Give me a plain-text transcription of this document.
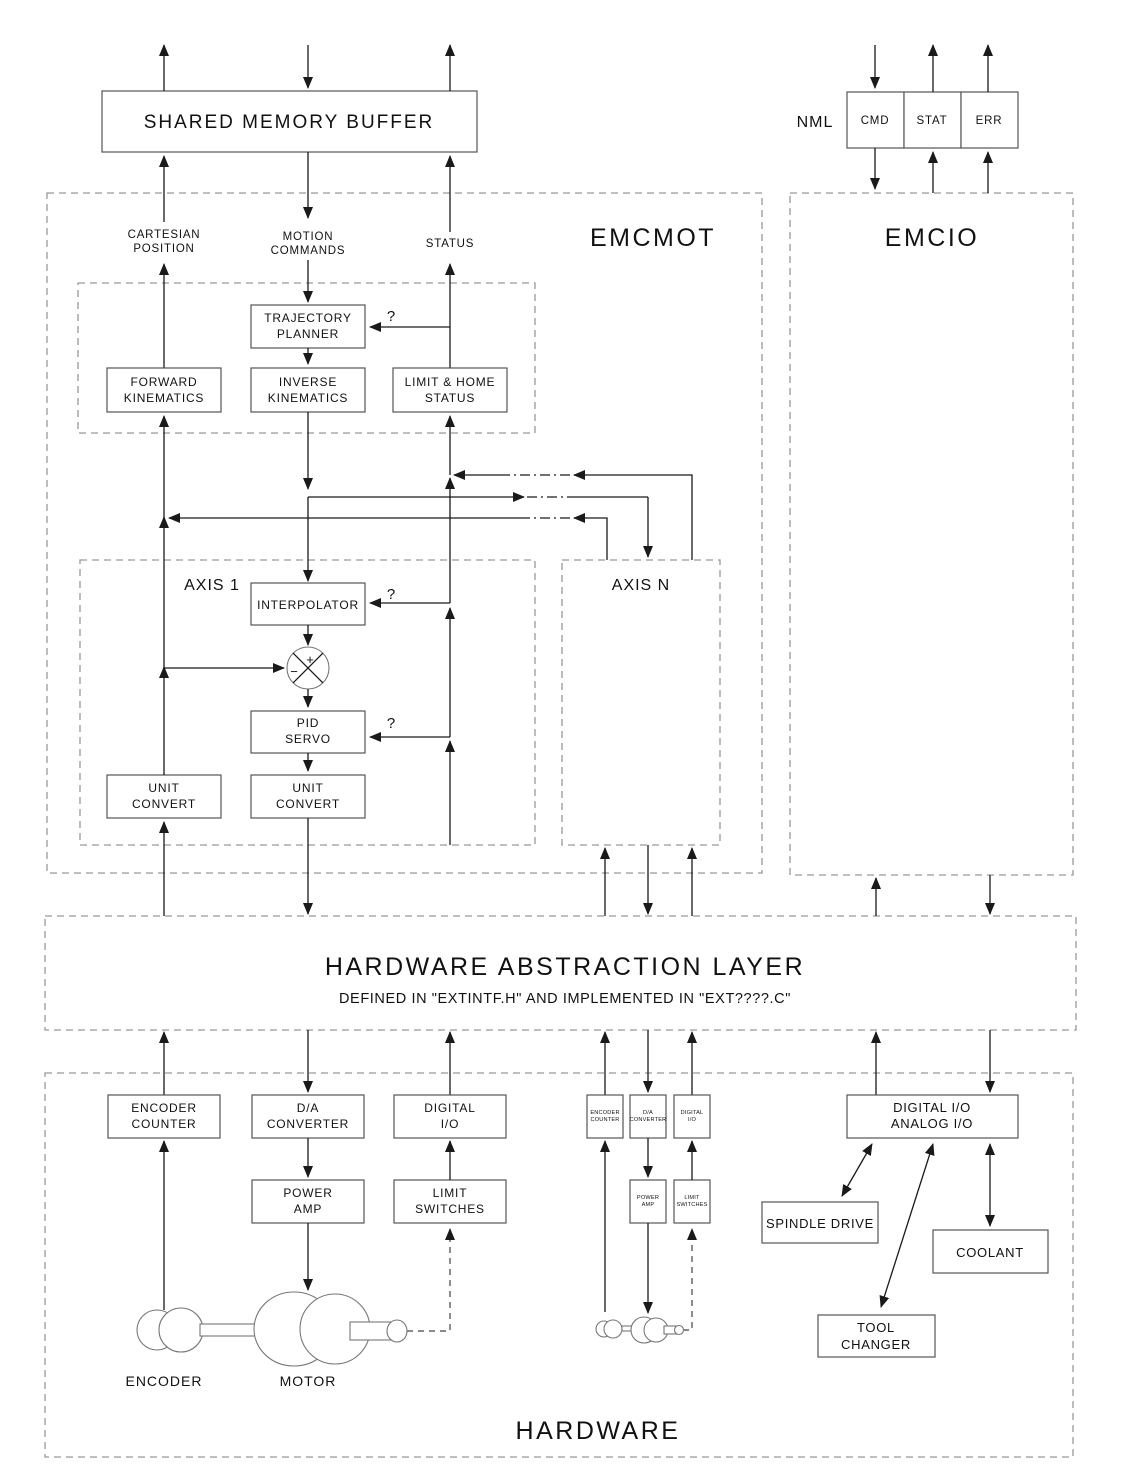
SHARED MEMORY BUFFER	NML CMD STAT ERR
EMCMOT	EMCIO
CARTESIAN
POSITION
MOTION
COMMANDS
STATUS
TRAJECTORY
PLANNER
FORWARD
KINEMATICS
INVERSE
KINEMATICS
LIMIT & HOME
STATUS
?
AXIS 1
INTERPOLATOR
?
+
−
PID
SERVO
?
UNIT
CONVERT
UNIT
CONVERT
AXIS N
HARDWARE ABSTRACTION LAYER
DEFINED IN "EXTINTF.H" AND IMPLEMENTED IN "EXT????.C"
ENCODER
COUNTER
D/A
CONVERTER
DIGITAL
I/O
POWER
AMP
LIMIT
SWITCHES
ENCODER	MOTOR
ENCODER
COUNTER
D/A
CONVERTER
DIGITAL
I/O
POWER
AMP
LIMIT
SWITCHES
DIGITAL I/O
ANALOG I/O
SPINDLE DRIVE
COOLANT
TOOL
CHANGER
HARDWARE
